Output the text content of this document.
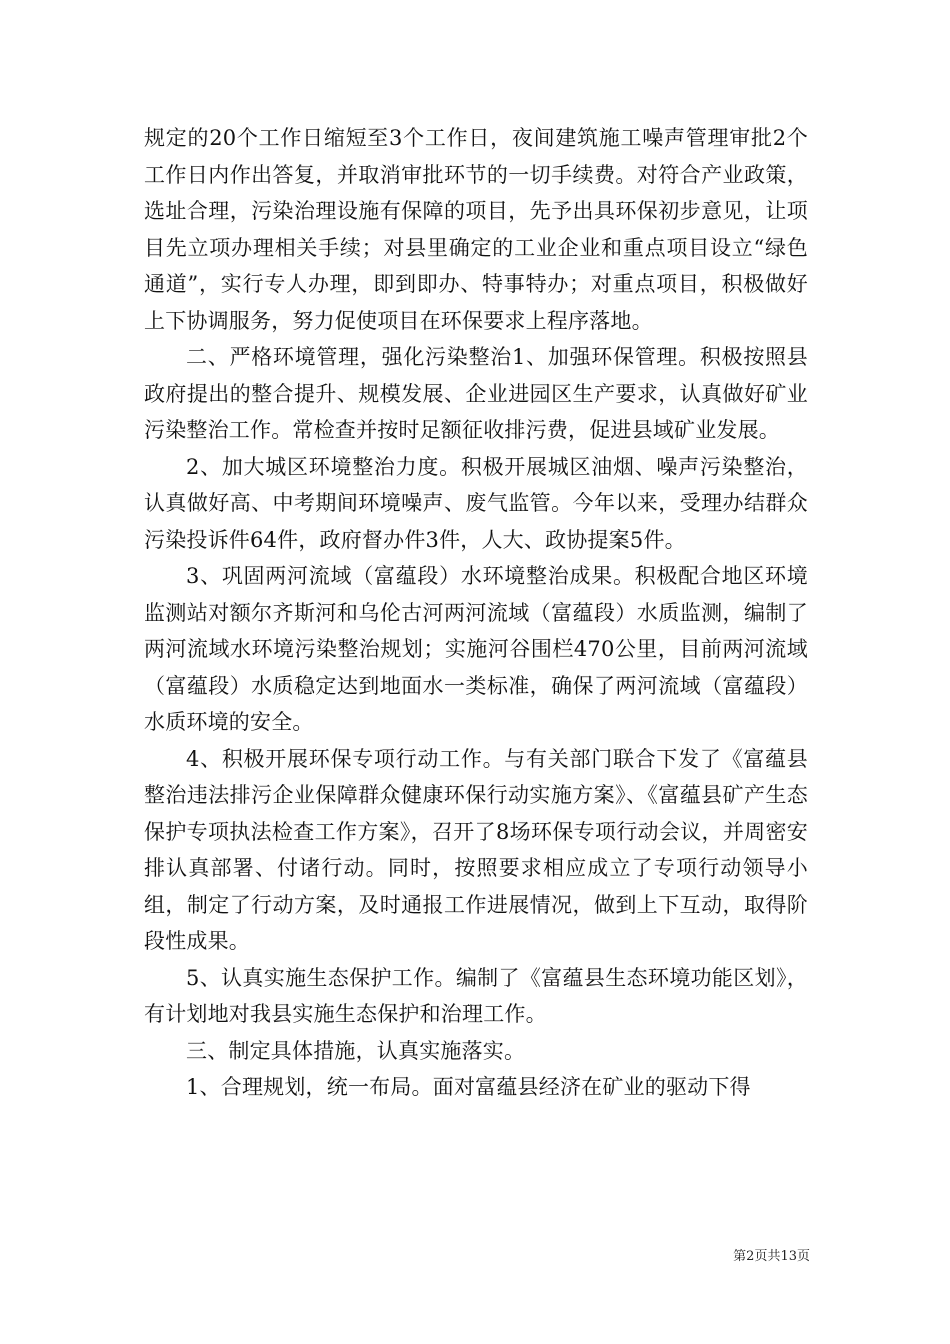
规定的20个工作日缩短至3个工作日，夜间建筑施工噪声管理审批2个工作日内作出答复，并取消审批环节的一切手续费。对符合产业政策，选址合理，污染治理设施有保障的项目，先予出具环保初步意见，让项目先立项办理相关手续；对县里确定的工业企业和重点项目设立“绿色通道”，实行专人办理，即到即办、特事特办；对重点项目，积极做好上下协调服务，努力促使项目在环保要求上程序落地。

二、严格环境管理，强化污染整治1、加强环保管理。积极按照县政府提出的整合提升、规模发展、企业进园区生产要求，认真做好矿业污染整治工作。常检查并按时足额征收排污费，促进县域矿业发展。

2、加大城区环境整治力度。积极开展城区油烟、噪声污染整治，认真做好高、中考期间环境噪声、废气监管。今年以来，受理办结群众污染投诉件64件，政府督办件3件，人大、政协提案5件。

3、巩固两河流域（富蕴段）水环境整治成果。积极配合地区环境监测站对额尔齐斯河和乌伦古河两河流域（富蕴段）水质监测，编制了两河流域水环境污染整治规划；实施河谷围栏470公里，目前两河流域（富蕴段）水质稳定达到地面水一类标准，确保了两河流域（富蕴段）水质环境的安全。

4、积极开展环保专项行动工作。与有关部门联合下发了《富蕴县整治违法排污企业保障群众健康环保行动实施方案》、《富蕴县矿产生态保护专项执法检查工作方案》，召开了8场环保专项行动会议，并周密安排认真部署、付诸行动。同时，按照要求相应成立了专项行动领导小组，制定了行动方案，及时通报工作进展情况，做到上下互动，取得阶段性成果。

5、认真实施生态保护工作。编制了《富蕴县生态环境功能区划》，有计划地对我县实施生态保护和治理工作。

三、制定具体措施，认真实施落实。

1、合理规划，统一布局。面对富蕴县经济在矿业的驱动下得

第2页共13页
